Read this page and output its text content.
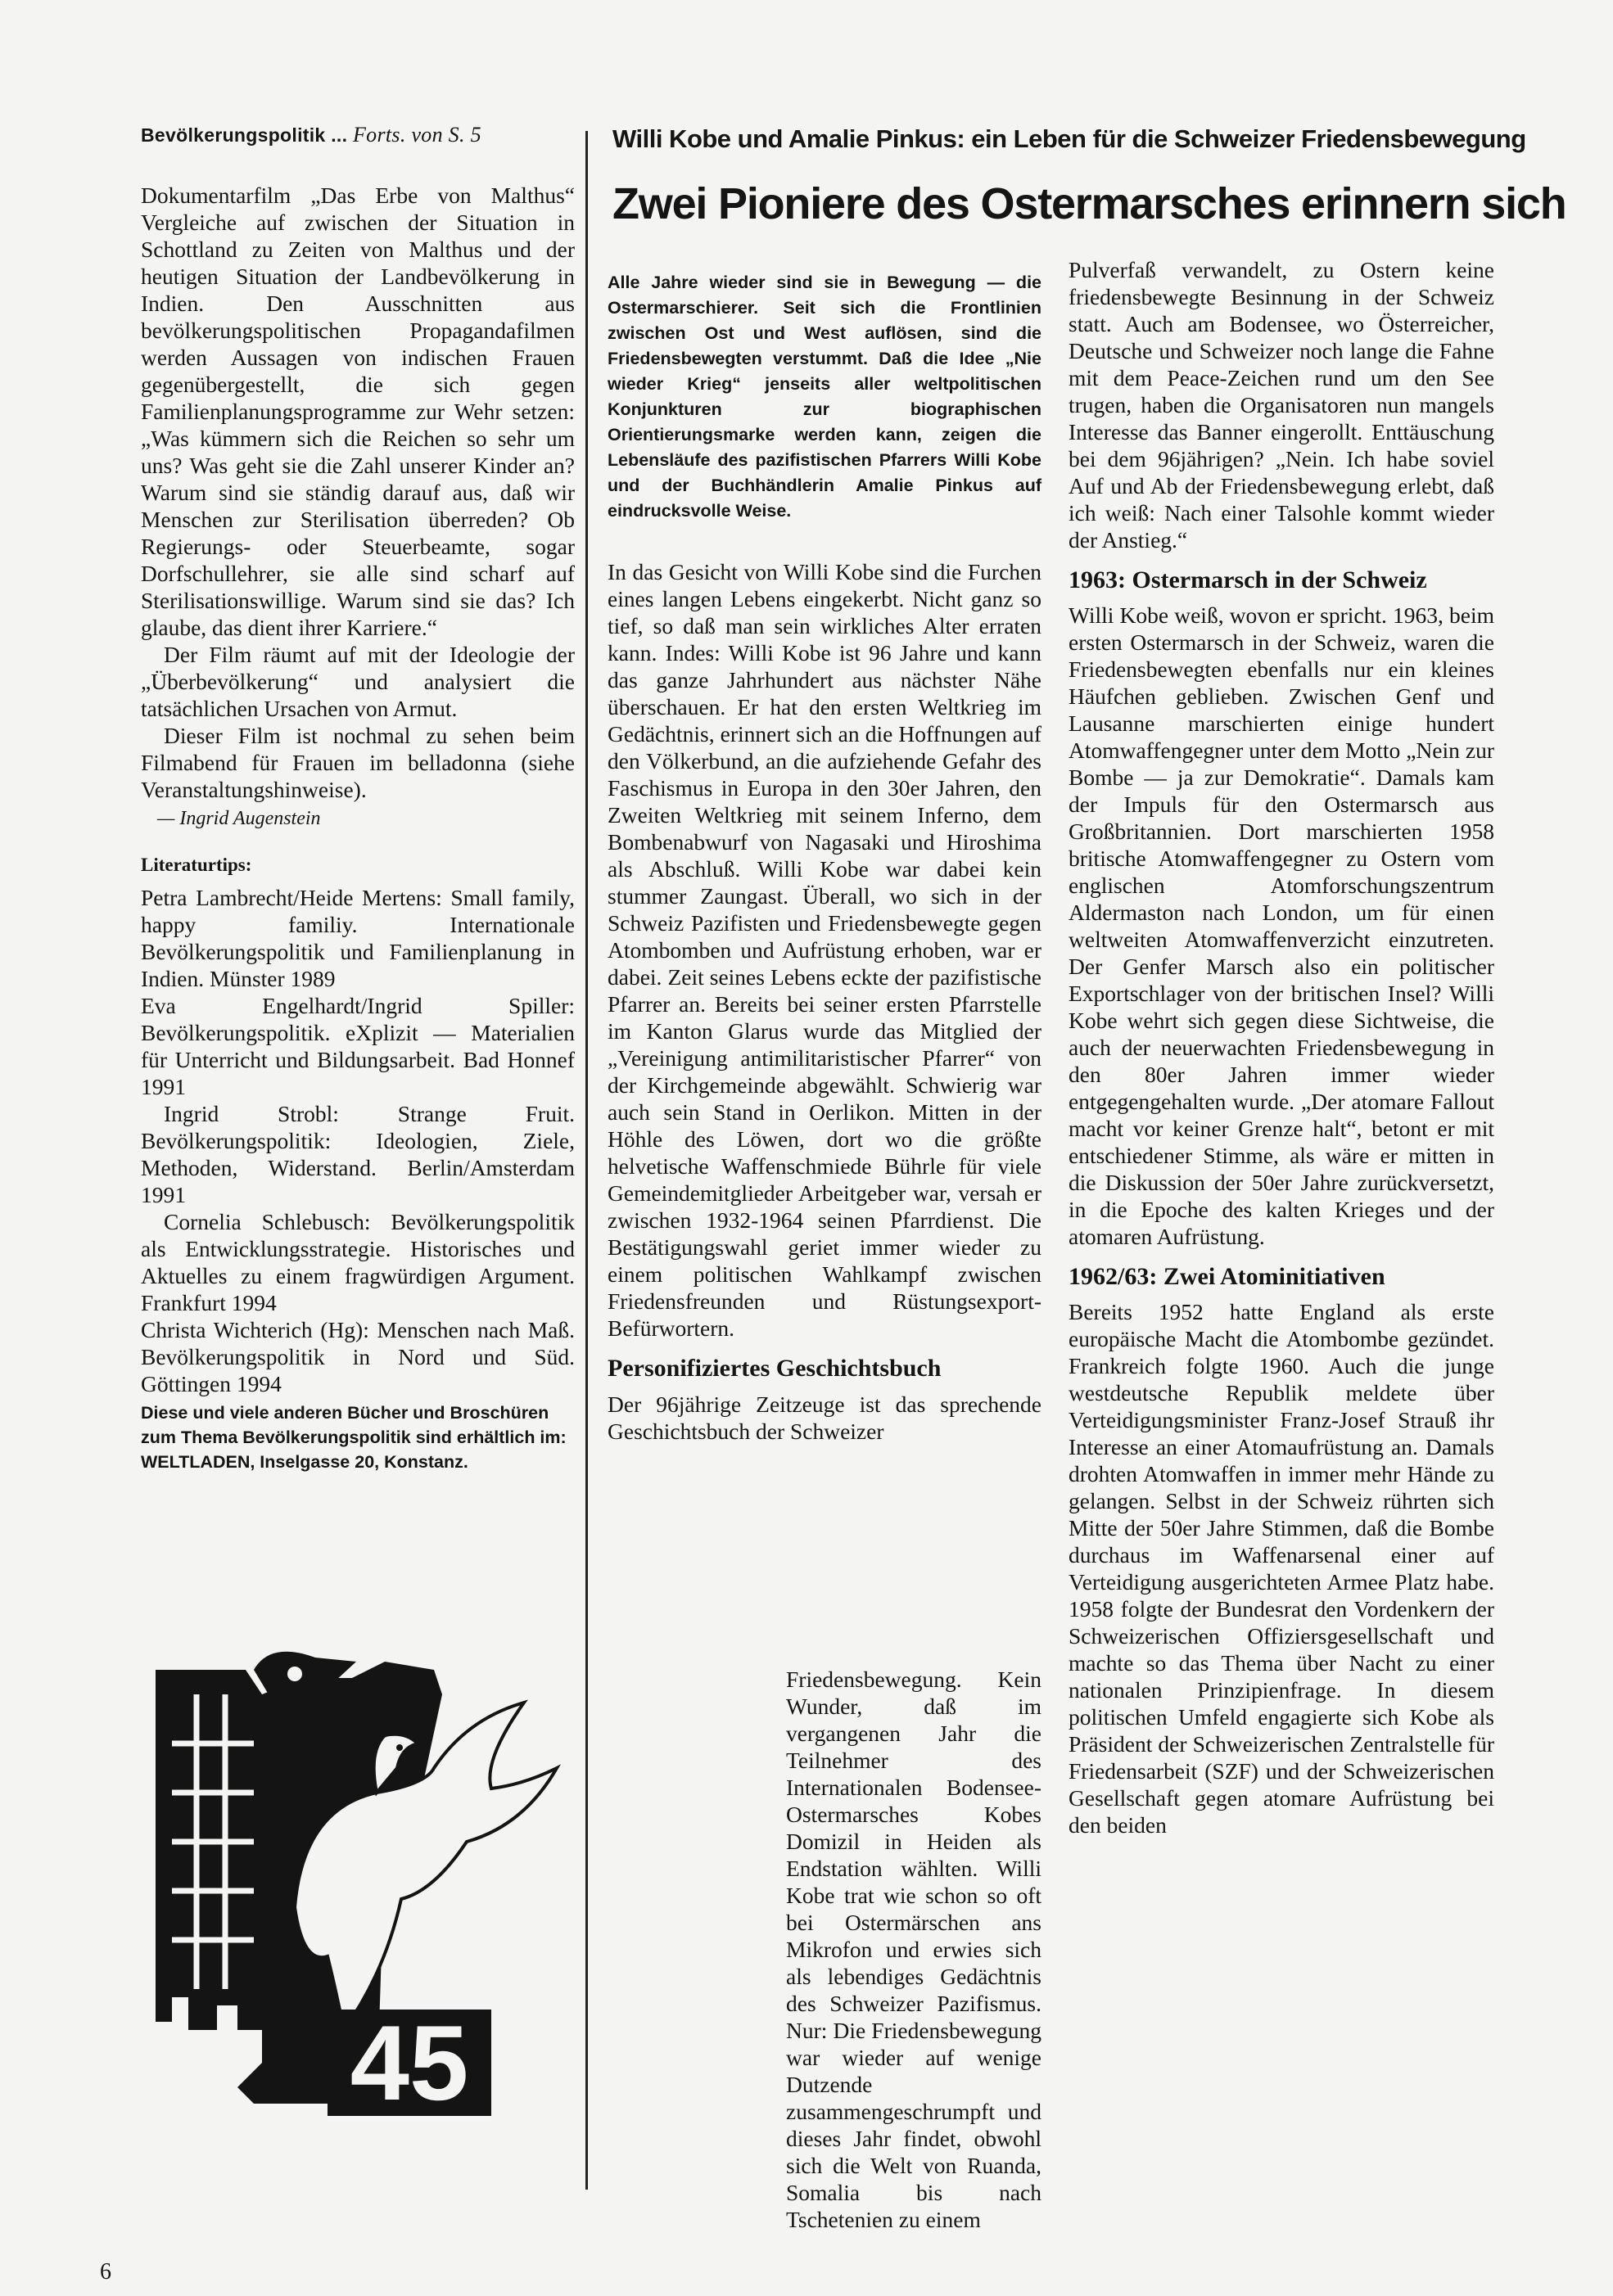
Bevölkerungspolitik ... Forts. von S. 5

Dokumentarfilm „Das Erbe von Malthus“ Vergleiche auf zwischen der Situation in Schottland zu Zeiten von Malthus und der heutigen Situation der Landbevölkerung in Indien. Den Ausschnitten aus bevölkerungspolitischen Propagandafilmen werden Aussagen von indischen Frauen gegenübergestellt, die sich gegen Familienplanungsprogramme zur Wehr setzen: „Was kümmern sich die Reichen so sehr um uns? Was geht sie die Zahl unserer Kinder an? Warum sind sie ständig darauf aus, daß wir Menschen zur Sterilisation überreden? Ob Regierungs- oder Steuerbeamte, sogar Dorfschullehrer, sie alle sind scharf auf Sterilisationswillige. Warum sind sie das? Ich glaube, das dient ihrer Karriere.“

Der Film räumt auf mit der Ideologie der „Überbevölkerung“ und analysiert die tatsächlichen Ursachen von Armut.

Dieser Film ist nochmal zu sehen beim Filmabend für Frauen im belladonna (siehe Veranstaltungshinweise).

— Ingrid Augenstein
Literaturtips:

Petra Lambrecht/Heide Mertens: Small family, happy familiy. Internationale Bevölkerungspolitik und Familienplanung in Indien. Münster 1989

Eva Engelhardt/Ingrid Spiller: Bevölkerungspolitik. eXplizit — Materialien für Unterricht und Bildungsarbeit. Bad Honnef 1991

Ingrid Strobl: Strange Fruit. Bevölkerungspolitik: Ideologien, Ziele, Methoden, Widerstand. Berlin/Amsterdam 1991

Cornelia Schlebusch: Bevölkerungspolitik als Entwicklungsstrategie. Historisches und Aktuelles zu einem fragwürdigen Argument. Frankfurt 1994

Christa Wichterich (Hg): Menschen nach Maß. Bevölkerungspolitik in Nord und Süd. Göttingen 1994

Diese und viele anderen Bücher und Broschüren zum Thema Bevölkerungspolitik sind erhältlich im: WELTLADEN, Inselgasse 20, Konstanz.

45
Willi Kobe und Amalie Pinkus: ein Leben für die Schweizer Friedensbewegung
Zwei Pioniere des Ostermarsches erinnern sich

Alle Jahre wieder sind sie in Bewegung — die Ostermarschierer. Seit sich die Frontlinien zwischen Ost und West auflösen, sind die Friedensbewegten verstummt. Daß die Idee „Nie wieder Krieg“ jenseits aller weltpolitischen Konjunkturen zur biographischen Orientierungsmarke werden kann, zeigen die Lebensläufe des pazifistischen Pfarrers Willi Kobe und der Buchhändlerin Amalie Pinkus auf eindrucksvolle Weise.

In das Gesicht von Willi Kobe sind die Furchen eines langen Lebens eingekerbt. Nicht ganz so tief, so daß man sein wirkliches Alter erraten kann. Indes: Willi Kobe ist 96 Jahre und kann das ganze Jahrhundert aus nächster Nähe überschauen. Er hat den ersten Weltkrieg im Gedächtnis, erinnert sich an die Hoffnungen auf den Völkerbund, an die aufziehende Gefahr des Faschismus in Europa in den 30er Jahren, den Zweiten Weltkrieg mit seinem Inferno, dem Bombenabwurf von Nagasaki und Hiroshima als Abschluß. Willi Kobe war dabei kein stummer Zaungast. Überall, wo sich in der Schweiz Pazifisten und Friedensbewegte gegen Atombomben und Aufrüstung erhoben, war er dabei. Zeit seines Lebens eckte der pazifistische Pfarrer an. Bereits bei seiner ersten Pfarrstelle im Kanton Glarus wurde das Mitglied der „Vereinigung antimilitaristischer Pfarrer“ von der Kirchgemeinde abgewählt. Schwierig war auch sein Stand in Oerlikon. Mitten in der Höhle des Löwen, dort wo die größte helvetische Waffenschmiede Bührle für viele Gemeindemitglieder Arbeitgeber war, versah er zwischen 1932-1964 seinen Pfarrdienst. Die Bestätigungswahl geriet immer wieder zu einem politischen Wahlkampf zwischen Friedensfreunden und Rüstungsexport-Befürwortern.

Personifiziertes Geschichtsbuch

Der 96jährige Zeitzeuge ist das sprechende Geschichtsbuch der Schweizer

Friedensbewegung. Kein Wunder, daß im vergangenen Jahr die Teilnehmer des Internationalen Bodensee-Ostermarsches Kobes Domizil in Heiden als Endstation wählten. Willi Kobe trat wie schon so oft bei Ostermärschen ans Mikrofon und erwies sich als lebendiges Gedächtnis des Schweizer Pazifismus. Nur: Die Friedensbewegung war wieder auf wenige Dutzende zusammengeschrumpft und dieses Jahr findet, obwohl sich die Welt von Ruanda, Somalia bis nach Tschetenien zu einem

Pulverfaß verwandelt, zu Ostern keine friedensbewegte Besinnung in der Schweiz statt. Auch am Bodensee, wo Österreicher, Deutsche und Schweizer noch lange die Fahne mit dem Peace-Zeichen rund um den See trugen, haben die Organisatoren nun mangels Interesse das Banner eingerollt. Enttäuschung bei dem 96jährigen? „Nein. Ich habe soviel Auf und Ab der Friedensbewegung erlebt, daß ich weiß: Nach einer Talsohle kommt wieder der Anstieg.“

1963: Ostermarsch in der Schweiz

Willi Kobe weiß, wovon er spricht. 1963, beim ersten Ostermarsch in der Schweiz, waren die Friedensbewegten ebenfalls nur ein kleines Häufchen geblieben. Zwischen Genf und Lausanne marschierten einige hundert Atomwaffengegner unter dem Motto „Nein zur Bombe — ja zur Demokratie“. Damals kam der Impuls für den Ostermarsch aus Großbritannien. Dort marschierten 1958 britische Atomwaffengegner zu Ostern vom englischen Atomforschungszentrum Aldermaston nach London, um für einen weltweiten Atomwaffenverzicht einzutreten. Der Genfer Marsch also ein politischer Exportschlager von der britischen Insel? Willi Kobe wehrt sich gegen diese Sichtweise, die auch der neuerwachten Friedensbewegung in den 80er Jahren immer wieder entgegengehalten wurde. „Der atomare Fallout macht vor keiner Grenze halt“, betont er mit entschiedener Stimme, als wäre er mitten in die Diskussion der 50er Jahre zurückversetzt, in die Epoche des kalten Krieges und der atomaren Aufrüstung.

1962/63: Zwei Atominitiativen

Bereits 1952 hatte England als erste europäische Macht die Atombombe gezündet. Frankreich folgte 1960. Auch die junge westdeutsche Republik meldete über Verteidigungsminister Franz-Josef Strauß ihr Interesse an einer Atomaufrüstung an. Damals drohten Atomwaffen in immer mehr Hände zu gelangen. Selbst in der Schweiz rührten sich Mitte der 50er Jahre Stimmen, daß die Bombe durchaus im Waffenarsenal einer auf Verteidigung ausgerichteten Armee Platz habe. 1958 folgte der Bundesrat den Vordenkern der Schweizerischen Offiziersgesellschaft und machte so das Thema über Nacht zu einer nationalen Prinzipienfrage. In diesem politischen Umfeld engagierte sich Kobe als Präsident der Schweizerischen Zentralstelle für Friedensarbeit (SZF) und der Schweizerischen Gesellschaft gegen atomare Aufrüstung bei den beiden

6
